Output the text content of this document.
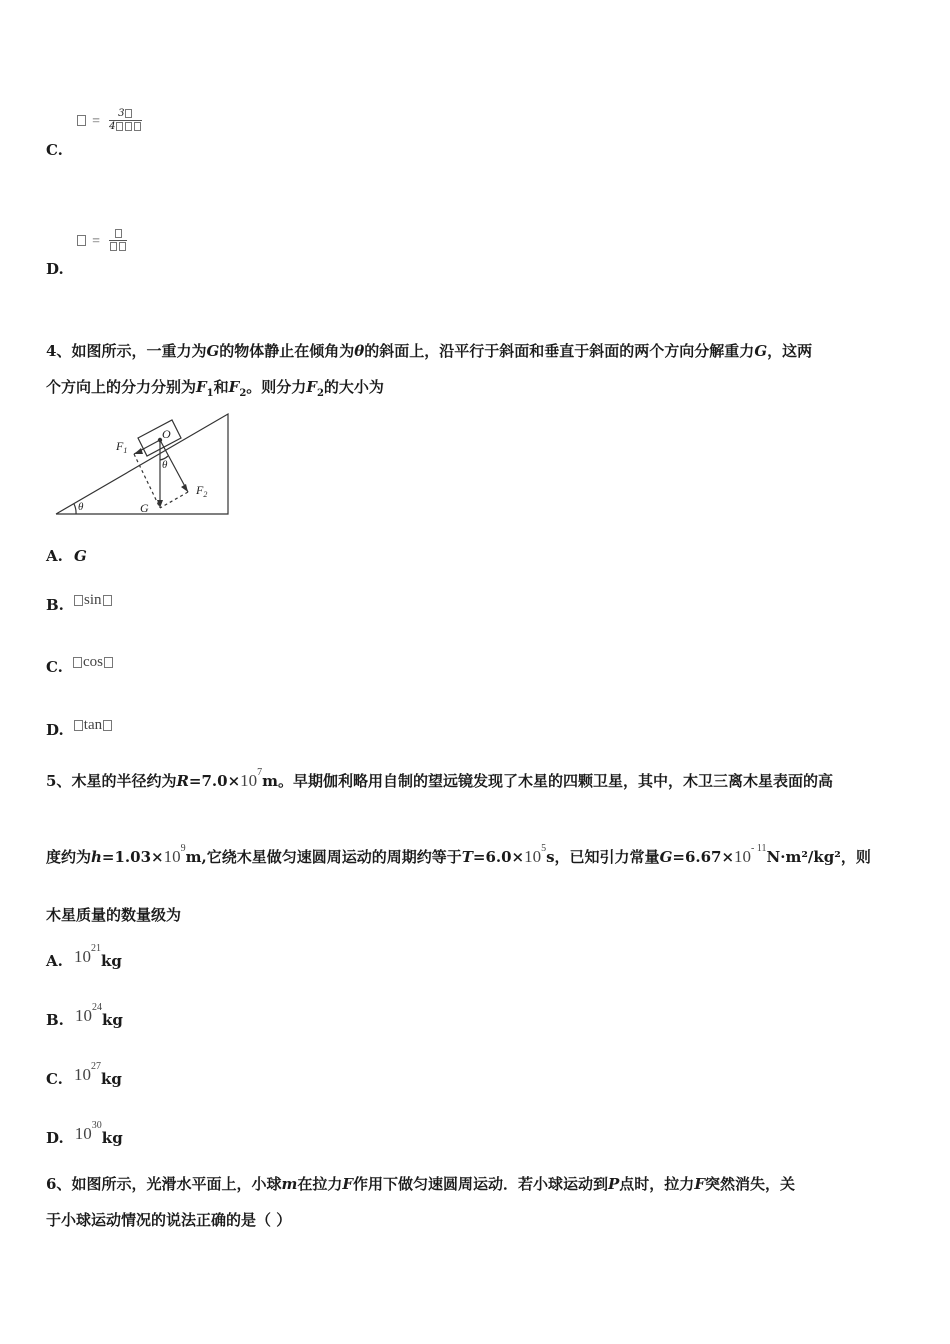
= $\frac{3}{4}$
C.
=
D.
4、如图所示，一重力为G的物体静止在倾角为θ的斜面上，沿平行于斜面和垂直于斜面的两个方向分解重力G，这两
个方向上的分力分别为$F_1$和$F_2$。则分力$F_2$的大小为
$F_1$
O
θ
$F_2$
G
θ
A. G
B. sin
C. cos
D. tan
5、木星的半径约为$R=7.0\times 10^7m$。早期伽利略用自制的望远镜发现了木星的四颗卫星，其中，木卫三离木星表面的高
度约为$h=1.03\times 10^9m$,它绕木星做匀速圆周运动的周期约等于$T=6.0\times 10^5s$，已知引力常量$G=6.67\times 10^{- 11}N\cdot m^2$/kg²，则
木星质量的数量级为
A. $10^{21}kg$
B. $10^{24}kg$
C. $10^{27}kg$
D. $10^{30}kg$
6、如图所示，光滑水平面上，小球m在拉力F作用下做匀速圆周运动．若小球运动到P点时，拉力F突然消失，关
于小球运动情况的说法正确的是（ ）
